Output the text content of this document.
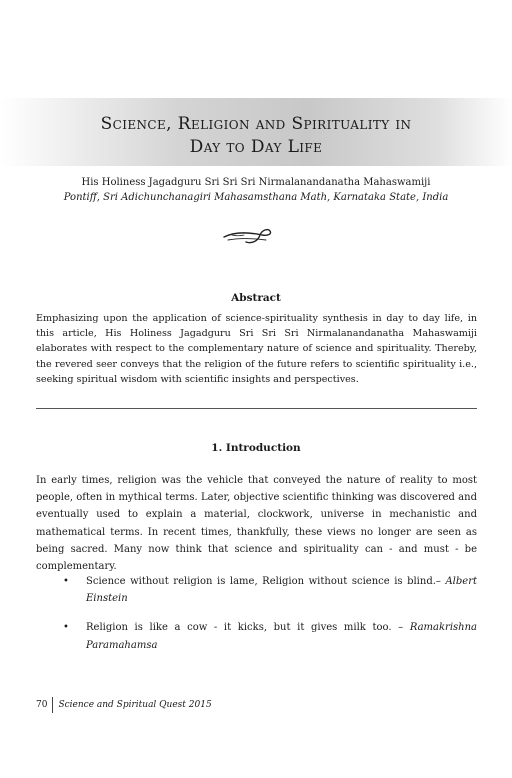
Science, Religion and Spirituality in
Day to Day Life
His Holiness Jagadguru Sri Sri Sri Nirmalanandanatha Mahaswamiji
Pontiff, Sri Adichunchanagiri Mahasamsthana Math, Karnataka State, India
Abstract
Emphasizing upon the application of science-spirituality synthesis in day to day life, in this article, His Holiness Jagadguru Sri Sri Sri Nirmalanandanatha Mahaswamiji elaborates with respect to the complementary nature of science and spirituality. Thereby, the revered seer conveys that the religion of the future refers to scientific spirituality i.e., seeking spiritual wisdom with scientific insights and perspectives.
1. Introduction
In early times, religion was the vehicle that conveyed the nature of reality to most people, often in mythical terms. Later, objective scientific thinking was discovered and eventually used to explain a material, clockwork, universe in mechanistic and mathematical terms. In recent times, thankfully, these views no longer are seen as being sacred. Many now think that science and spirituality can - and must - be complementary.
• Science without religion is lame, Religion without science is blind.– Albert Einstein
• Religion is like a cow - it kicks, but it gives milk too. – Ramakrishna Paramahamsa
70	Science and Spiritual Quest 2015
